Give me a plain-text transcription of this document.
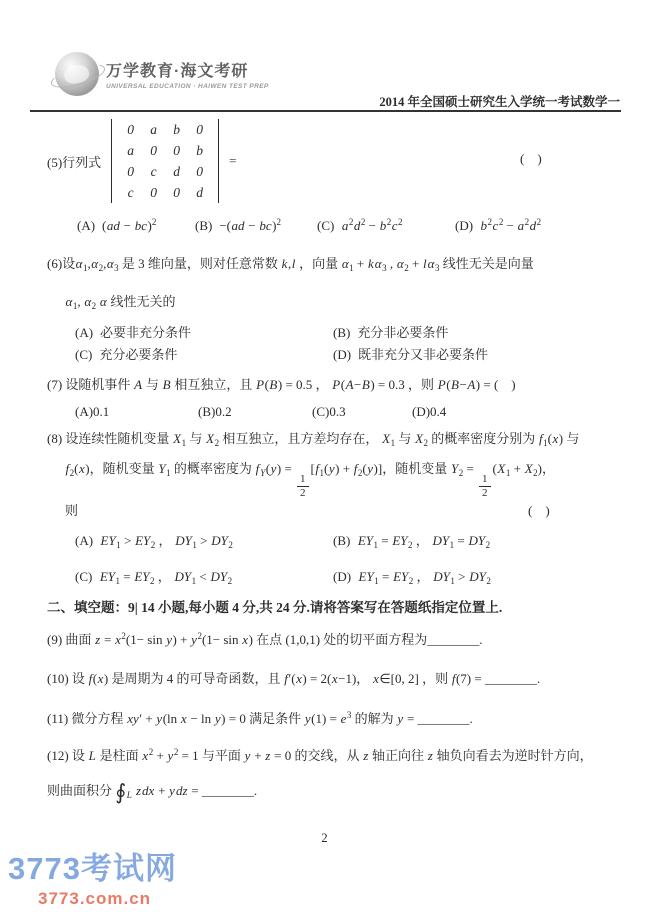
万学教育·海文考研
UNIVERSAL EDUCATION · HAIWEN TEST PREP
2014 年全国硕士研究生入学统一考试数学一
(5)行列式
0	a	b	0
a	0	0	b
0	c	d	0
c	0	0	d
=	(　)
(A) (ad − bc)$^2$	(B) −(ad − bc)$^2$	(C) $a^2d^2 - b^2c^2$	(D) $b^2c^2 - a^2d^2$
(6)设$\alpha_1,\alpha_2,\alpha_3$ 是 3 维向量，则对任意常数 k,l ，向量 $\alpha_1 + k\alpha_3$ , $\alpha_2 + l\alpha_3$ 线性无关是向量
$\alpha_1$, $\alpha_2$ α 线性无关的
(A) 必要非充分条件	(B) 充分非必要条件
(C) 充分必要条件	(D) 既非充分又非必要条件
(7) 设随机事件 A 与 B 相互独立，且 P(B) = 0.5 ， P(A−B) = 0.3 ，则 P(B−A) = (　)
(A)0.1	(B)0.2	(C)0.3	(D)0.4
(8) 设连续性随机变量 $X_1$ 与 $X_2$ 相互独立，且方差均存在， $X_1$ 与 $X_2$ 的概率密度分别为 $f_1(x)$ 与
$f_2(x)$，随机变量 $Y_1$ 的概率密度为 $f_Y(y)$ =
$\frac{1}{2}$
$[f_1(y) + f_2(y)]$，随机变量 $Y_2$ =
$\frac{1}{2}$
$(X_1 + X_2)$，
则	(　)
(A) $EY_1 > EY_2$ ， $DY_1 > DY_2$	(B) $EY_1 = EY_2$ ， $DY_1 = DY_2$
(C) $EY_1 = EY_2$ ， $DY_1 < DY_2$	(D) $EY_1 = EY_2$ ， $DY_1 > DY_2$
二、填空题：9| 14 小题,每小题 4 分,共 24 分.请将答案写在答题纸指定位置上.
(9) 曲面 $z = x^2(1- \sin y) + y^2(1- \sin x)$ 在点 (1,0,1) 处的切平面方程为________.
(10) 设 f(x) 是周期为 4 的可导奇函数，且 f′(x) = 2(x−1)， x∈[0, 2] ，则 f(7) = ________.
(11) 微分方程 xy′ + y(ln x − ln y) = 0 满足条件 $y(1) = e^3$ 的解为 y = ________.
(12) 设 L 是柱面 $x^2 + y^2 = 1$ 与平面 y + z = 0 的交线，从 z 轴正向往 z 轴负向看去为逆时针方向，
则曲面积分 $∮_L$ zdx + ydz = ________.
2
3773考试网
3773.com.cn
